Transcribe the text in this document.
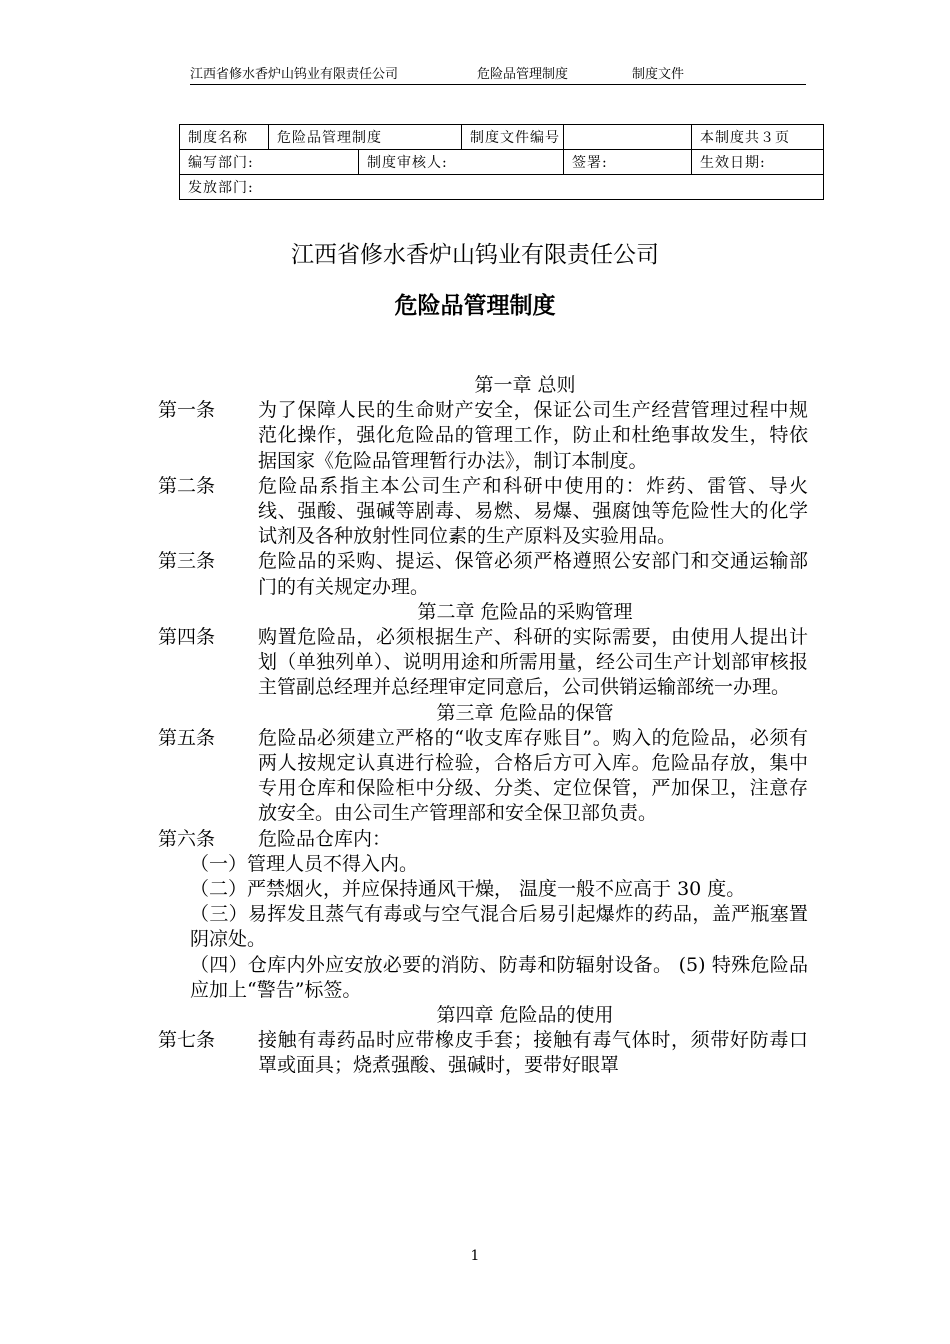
江西省修水香炉山钨业有限责任公司	危险品管理制度	制度文件
制度名称	危险品管理制度		制度文件编号		本制度共３页
编写部门:		制度审核人:		签署:	生效日期:
发放部门:					
江西省修水香炉山钨业有限责任公司
危险品管理制度
第一章 总则
第一条	为了保障人民的生命财产安全，保证公司生产经营管理过程中规范化操作，强化危险品的管理工作，防止和杜绝事故发生，特依据国家《危险品管理暂行办法》，制订本制度。
第二条	危险品系指主本公司生产和科研中使用的：炸药、雷管、导火线、强酸、强碱等剧毒、易燃、易爆、强腐蚀等危险性大的化学试剂及各种放射性同位素的生产原料及实验用品。
第三条	危险品的采购、提运、保管必须严格遵照公安部门和交通运输部门的有关规定办理。
第二章 危险品的采购管理
第四条	购置危险品，必须根据生产、科研的实际需要，由使用人提出计划（单独列单）、说明用途和所需用量，经公司生产计划部审核报主管副总经理并总经理审定同意后，公司供销运输部统一办理。
第三章 危险品的保管
第五条	危险品必须建立严格的“收支库存账目”。购入的危险品，必须有两人按规定认真进行检验，合格后方可入库。危险品存放，集中专用仓库和保险柜中分级、分类、定位保管，严加保卫，注意存放安全。由公司生产管理部和安全保卫部负责。
第六条	危险品仓库内：
（一）管理人员不得入内。
（二）严禁烟火，并应保持通风干燥， 温度一般不应高于 30 度。
（三）易挥发且蒸气有毒或与空气混合后易引起爆炸的药品，盖严瓶塞置阴凉处。
（四）仓库内外应安放必要的消防、防毒和防辐射设备。 (5) 特殊危险品应加上“警告”标签。
第四章 危险品的使用
第七条	接触有毒药品时应带橡皮手套；接触有毒气体时，须带好防毒口罩或面具；烧煮强酸、强碱时，要带好眼罩
1
